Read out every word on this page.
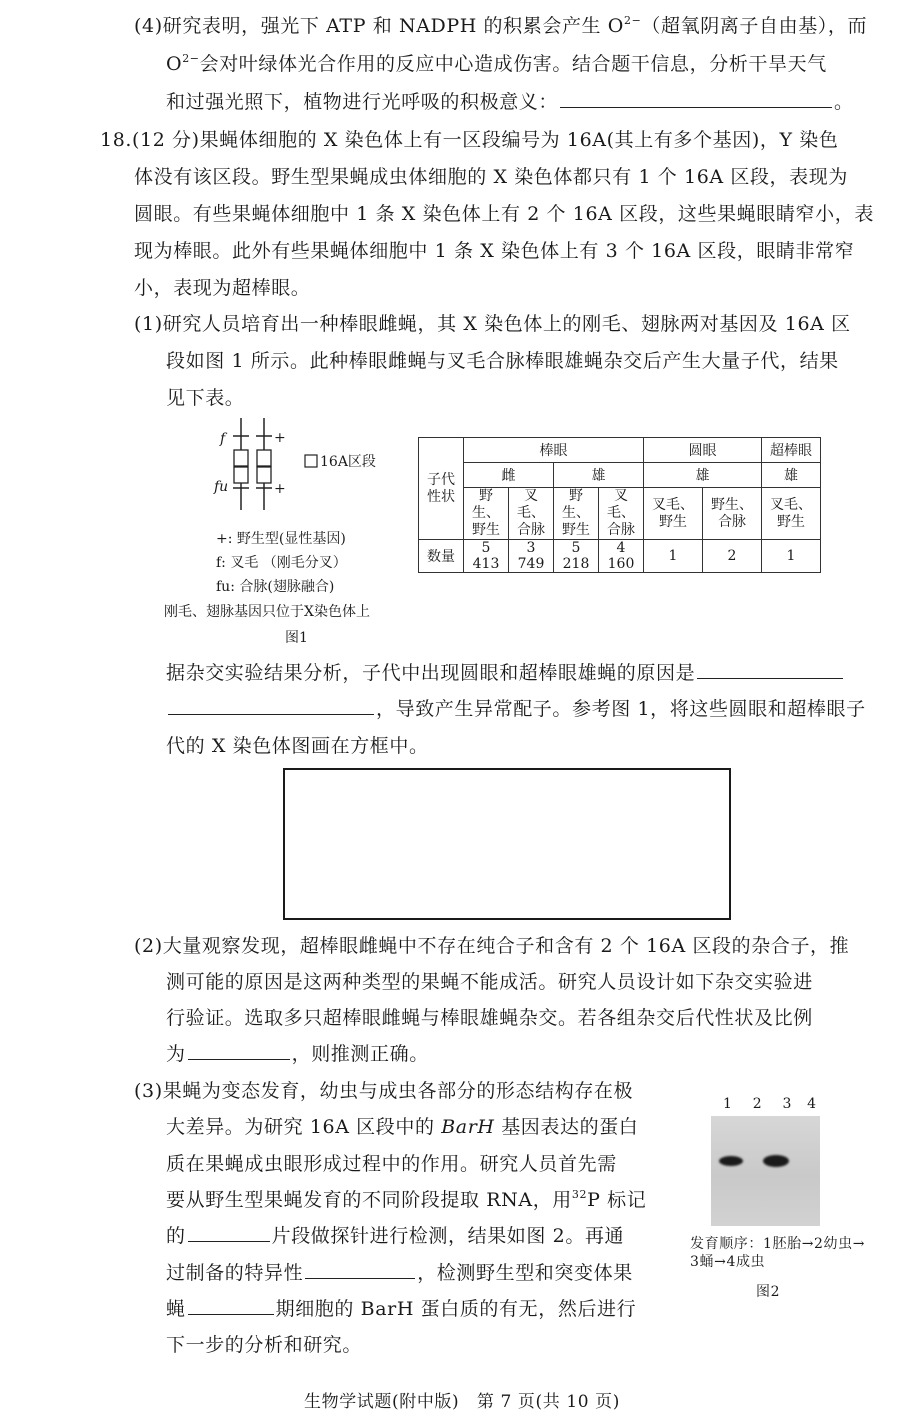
(4)研究表明，强光下 ATP 和 NADPH 的积累会产生 $O^{2-}$（超氧阴离子自由基），而
$O^{2-}$会对叶绿体光合作用的反应中心造成伤害。结合题干信息，分析干旱天气
和过强光照下，植物进行光呼吸的积极意义：	。
18.(12 分)果蝇体细胞的 X 染色体上有一区段编号为 16A(其上有多个基因)，Y 染色
体没有该区段。野生型果蝇成虫体细胞的 X 染色体都只有 1 个 16A 区段，表现为
圆眼。有些果蝇体细胞中 1 条 X 染色体上有 2 个 16A 区段，这些果蝇眼睛窄小，表
现为棒眼。此外有些果蝇体细胞中 1 条 X 染色体上有 3 个 16A 区段，眼睛非常窄
小，表现为超棒眼。
(1)研究人员培育出一种棒眼雌蝇，其 X 染色体上的刚毛、翅脉两对基因及 16A 区
段如图 1 所示。此种棒眼雌蝇与叉毛合脉棒眼雄蝇杂交后产生大量子代，结果
见下表。
f	+
fu	+
16A区段
+: 野生型(显性基因)
f: 叉毛 （刚毛分叉）
fu: 合脉(翅脉融合)
刚毛、翅脉基因只位于X染色体上
图1
子代性状	棒眼				圆眼		超棒眼
	雌		雄		雄		雄
	野生、野生	叉毛、合脉	野生、野生	叉毛、合脉	叉毛、野生	野生、合脉	叉毛、野生
数量	5 413	3 749	5 218	4 160	1	2	1
据杂交实验结果分析，子代中出现圆眼和超棒眼雄蝇的原因是
，导致产生异常配子。参考图 1，将这些圆眼和超棒眼子
代的 X 染色体图画在方框中。
(2)大量观察发现，超棒眼雌蝇中不存在纯合子和含有 2 个 16A 区段的杂合子，推
测可能的原因是这两种类型的果蝇不能成活。研究人员设计如下杂交实验进
行验证。选取多只超棒眼雌蝇与棒眼雄蝇杂交。若各组杂交后代性状及比例
为	，则推测正确。
(3)果蝇为变态发育，幼虫与成虫各部分的形态结构存在极
大差异。为研究 16A 区段中的 BarH 基因表达的蛋白
质在果蝇成虫眼形成过程中的作用。研究人员首先需
要从野生型果蝇发育的不同阶段提取 RNA，用$^{32}$P 标记
的	片段做探针进行检测，结果如图 2。再通
过制备的特异性	，检测野生型和突变体果
蝇	期细胞的 BarH 蛋白质的有无，然后进行
下一步的分析和研究。
1 2 3 4
发育顺序：1胚胎→2幼虫→
3蛹→4成虫
图2
生物学试题(附中版)　第 7 页(共 10 页)
